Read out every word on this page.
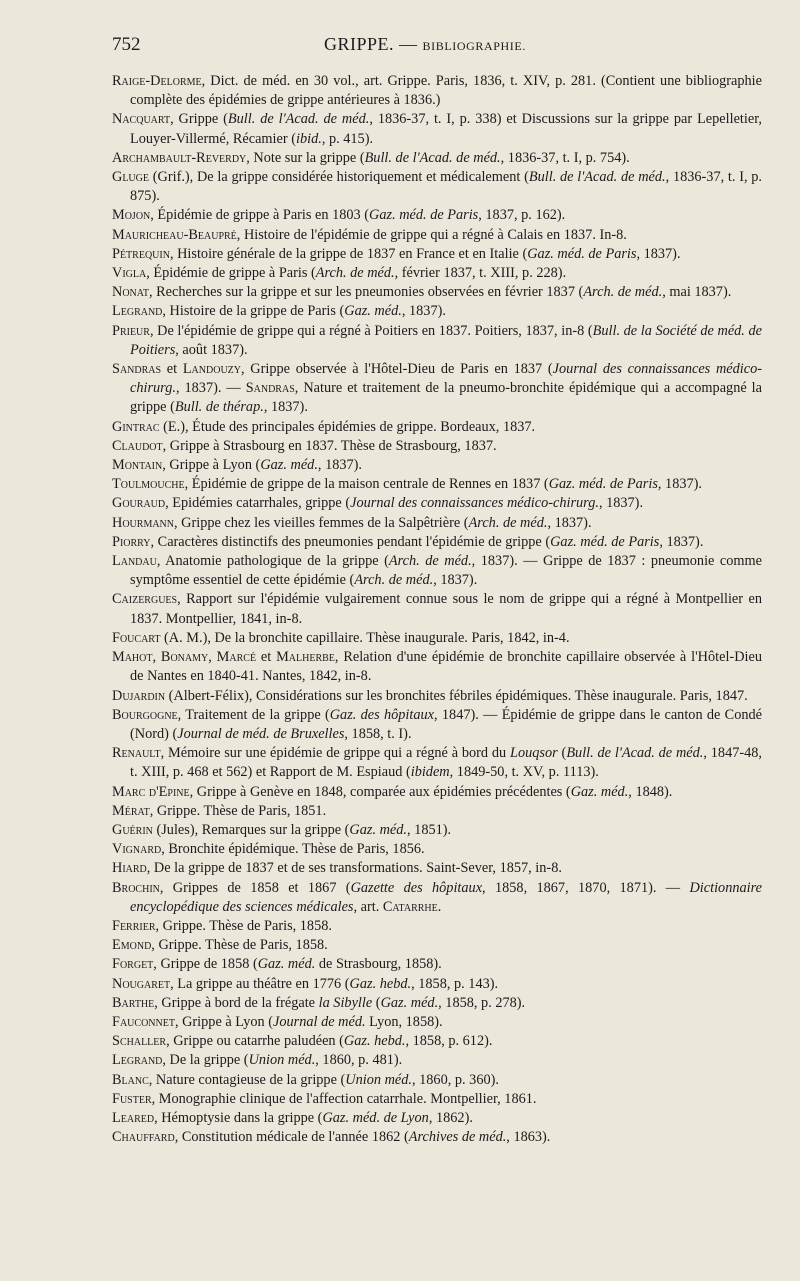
752	GRIPPE. — BIBLIOGRAPHIE.

Raige-Delorme, Dict. de méd. en 30 vol., art. Grippe. Paris, 1836, t. XIV, p. 281. (Contient une bibliographie complète des épidémies de grippe antérieures à 1836.)

Nacquart, Grippe (Bull. de l'Acad. de méd., 1836-37, t. I, p. 338) et Discussions sur la grippe par Lepelletier, Louyer-Villermé, Récamier (ibid., p. 415).

Archambault-Reverdy, Note sur la grippe (Bull. de l'Acad. de méd., 1836-37, t. I, p. 754).

Gluge (Grif.), De la grippe considérée historiquement et médicalement (Bull. de l'Acad. de méd., 1836-37, t. I, p. 875).

Mojon, Épidémie de grippe à Paris en 1803 (Gaz. méd. de Paris, 1837, p. 162).

Mauricheau-Beaupré, Histoire de l'épidémie de grippe qui a régné à Calais en 1837. In-8.

Pétrequin, Histoire générale de la grippe de 1837 en France et en Italie (Gaz. méd. de Paris, 1837).

Vigla, Épidémie de grippe à Paris (Arch. de méd., février 1837, t. XIII, p. 228).

Nonat, Recherches sur la grippe et sur les pneumonies observées en février 1837 (Arch. de méd., mai 1837).

Legrand, Histoire de la grippe de Paris (Gaz. méd., 1837).

Prieur, De l'épidémie de grippe qui a régné à Poitiers en 1837. Poitiers, 1837, in-8 (Bull. de la Société de méd. de Poitiers, août 1837).

Sandras et Landouzy, Grippe observée à l'Hôtel-Dieu de Paris en 1837 (Journal des connaissances médico-chirurg., 1837). — Sandras, Nature et traitement de la pneumo-bronchite épidémique qui a accompagné la grippe (Bull. de thérap., 1837).

Gintrac (E.), Étude des principales épidémies de grippe. Bordeaux, 1837.

Claudot, Grippe à Strasbourg en 1837. Thèse de Strasbourg, 1837.

Montain, Grippe à Lyon (Gaz. méd., 1837).

Toulmouche, Épidémie de grippe de la maison centrale de Rennes en 1837 (Gaz. méd. de Paris, 1837).

Gouraud, Epidémies catarrhales, grippe (Journal des connaissances médico-chirurg., 1837).

Hourmann, Grippe chez les vieilles femmes de la Salpêtrière (Arch. de méd., 1837).

Piorry, Caractères distinctifs des pneumonies pendant l'épidémie de grippe (Gaz. méd. de Paris, 1837).

Landau, Anatomie pathologique de la grippe (Arch. de méd., 1837). — Grippe de 1837 : pneumonie comme symptôme essentiel de cette épidémie (Arch. de méd., 1837).

Caizergues, Rapport sur l'épidémie vulgairement connue sous le nom de grippe qui a régné à Montpellier en 1837. Montpellier, 1841, in-8.

Foucart (A. M.), De la bronchite capillaire. Thèse inaugurale. Paris, 1842, in-4.

Mahot, Bonamy, Marcé et Malherbe, Relation d'une épidémie de bronchite capillaire observée à l'Hôtel-Dieu de Nantes en 1840-41. Nantes, 1842, in-8.

Dujardin (Albert-Félix), Considérations sur les bronchites fébriles épidémiques. Thèse inaugurale. Paris, 1847.

Bourgogne, Traitement de la grippe (Gaz. des hôpitaux, 1847). — Épidémie de grippe dans le canton de Condé (Nord) (Journal de méd. de Bruxelles, 1858, t. I).

Renault, Mémoire sur une épidémie de grippe qui a régné à bord du Louqsor (Bull. de l'Acad. de méd., 1847-48, t. XIII, p. 468 et 562) et Rapport de M. Espiaud (ibidem, 1849-50, t. XV, p. 1113).

Marc d'Epine, Grippe à Genève en 1848, comparée aux épidémies précédentes (Gaz. méd., 1848).

Mérat, Grippe. Thèse de Paris, 1851.

Guérin (Jules), Remarques sur la grippe (Gaz. méd., 1851).

Vignard, Bronchite épidémique. Thèse de Paris, 1856.

Hiard, De la grippe de 1837 et de ses transformations. Saint-Sever, 1857, in-8.

Brochin, Grippes de 1858 et 1867 (Gazette des hôpitaux, 1858, 1867, 1870, 1871). — Dictionnaire encyclopédique des sciences médicales, art. Catarrhe.

Ferrier, Grippe. Thèse de Paris, 1858.

Emond, Grippe. Thèse de Paris, 1858.

Forget, Grippe de 1858 (Gaz. méd. de Strasbourg, 1858).

Nougaret, La grippe au théâtre en 1776 (Gaz. hebd., 1858, p. 143).

Barthe, Grippe à bord de la frégate la Sibylle (Gaz. méd., 1858, p. 278).

Fauconnet, Grippe à Lyon (Journal de méd. Lyon, 1858).

Schaller, Grippe ou catarrhe paludéen (Gaz. hebd., 1858, p. 612).

Legrand, De la grippe (Union méd., 1860, p. 481).

Blanc, Nature contagieuse de la grippe (Union méd., 1860, p. 360).

Fuster, Monographie clinique de l'affection catarrhale. Montpellier, 1861.

Leared, Hémoptysie dans la grippe (Gaz. méd. de Lyon, 1862).

Chauffard, Constitution médicale de l'année 1862 (Archives de méd., 1863).
